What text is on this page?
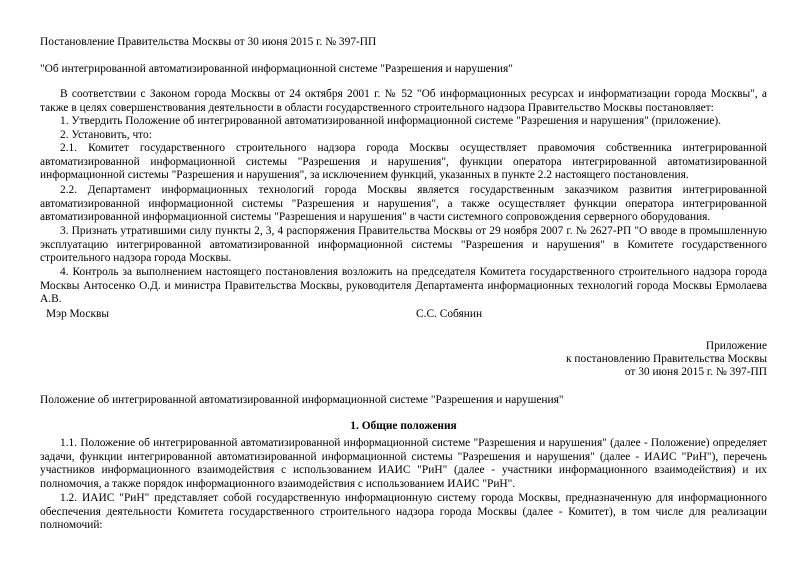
Постановление Правительства Москвы от 30 июня 2015 г. № 397-ПП
"Об интегрированной автоматизированной информационной системе "Разрешения и нарушения"
В соответствии с Законом города Москвы от 24 октября 2001 г. № 52 "Об информационных ресурсах и информатизации города Москвы", а также в целях совершенствования деятельности в области государственного строительного надзора Правительство Москвы постановляет:
1. Утвердить Положение об интегрированной автоматизированной информационной системе "Разрешения и нарушения" (приложение).
2. Установить, что:
2.1. Комитет государственного строительного надзора города Москвы осуществляет правомочия собственника интегрированной автоматизированной информационной системы "Разрешения и нарушения", функции оператора интегрированной автоматизированной информационной системы "Разрешения и нарушения", за исключением функций, указанных в пункте 2.2 настоящего постановления.
2.2. Департамент информационных технологий города Москвы является государственным заказчиком развития интегрированной автоматизированной информационной системы "Разрешения и нарушения", а также осуществляет функции оператора интегрированной автоматизированной информационной системы "Разрешения и нарушения" в части системного сопровождения серверного оборудования.
3. Признать утратившими силу пункты 2, 3, 4 распоряжения Правительства Москвы от 29 ноября 2007 г. № 2627-РП "О вводе в промышленную эксплуатацию интегрированной автоматизированной информационной системы "Разрешения и нарушения" в Комитете государственного строительного надзора города Москвы.
4. Контроль за выполнением настоящего постановления возложить на председателя Комитета государственного строительного надзора города Москвы Антосенко О.Д. и министра Правительства Москвы, руководителя Департамента информационных технологий города Москвы Ермолаева А.В.
Мэр Москвы	С.С. Собянин
Приложение
к постановлению Правительства Москвы
от 30 июня 2015 г. № 397-ПП
Положение об интегрированной автоматизированной информационной системе "Разрешения и нарушения"
1. Общие положения
1.1. Положение об интегрированной автоматизированной информационной системе "Разрешения и нарушения" (далее - Положение) определяет задачи, функции интегрированной автоматизированной информационной системы "Разрешения и нарушения" (далее - ИАИС "РиН"), перечень участников информационного взаимодействия с использованием ИАИС "РиН" (далее - участники информационного взаимодействия) и их полномочия, а также порядок информационного взаимодействия с использованием ИАИС "РиН".
1.2. ИАИС "РиН" представляет собой государственную информационную систему города Москвы, предназначенную для информационного обеспечения деятельности Комитета государственного строительного надзора города Москвы (далее - Комитет), в том числе для реализации полномочий:
